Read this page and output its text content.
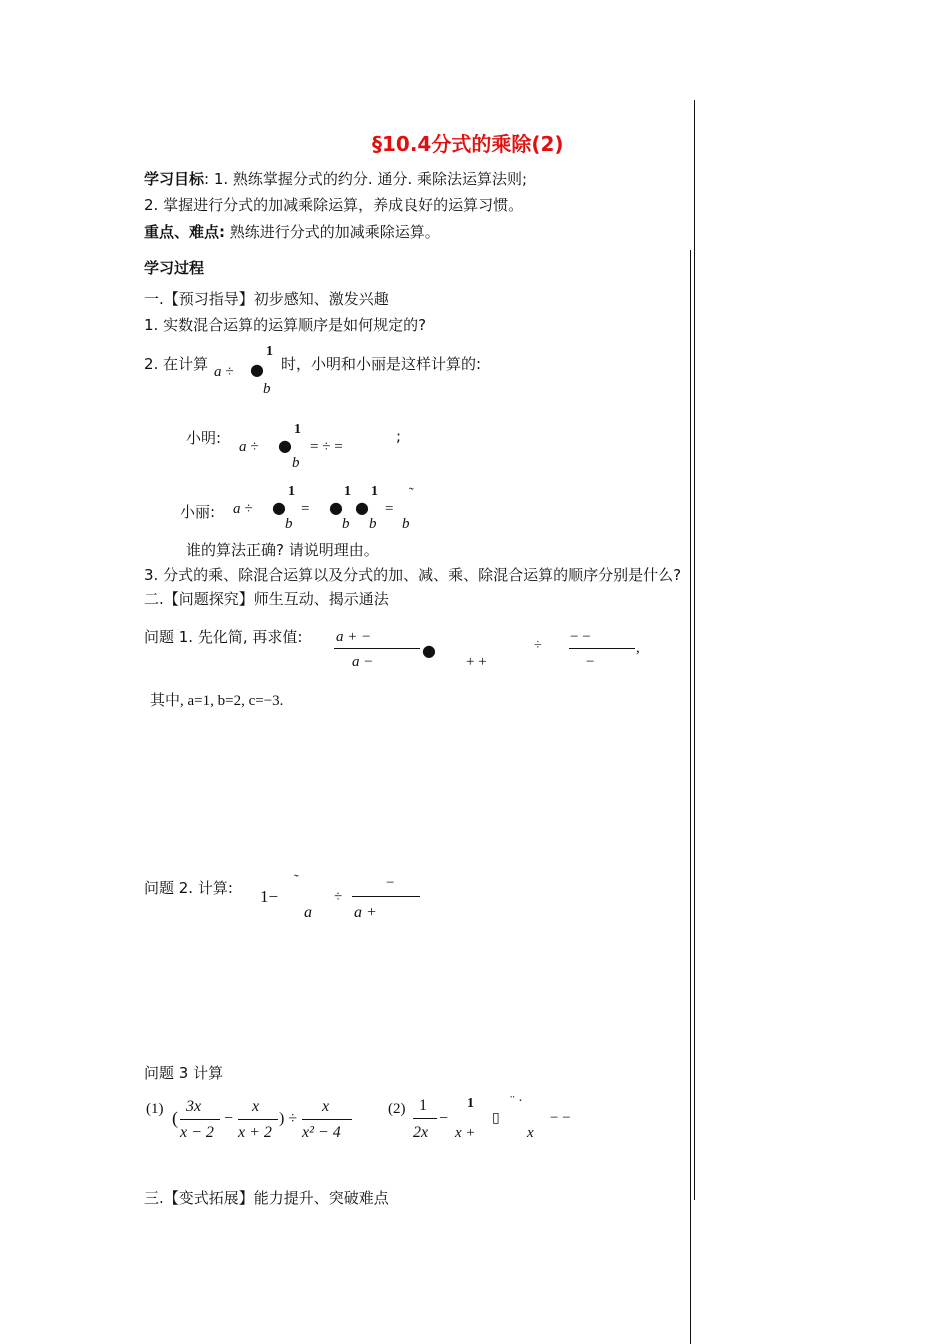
§10.4分式的乘除(2)
学习目标: 1. 熟练掌握分式的约分. 通分. 乘除法运算法则;
2. 掌握进行分式的加减乘除运算，养成良好的运算习惯。
重点、难点: 熟练进行分式的加减乘除运算。
学习过程
一.【预习指导】初步感知、激发兴趣
1. 实数混合运算的运算顺序是如何规定的?
2. 在计算 a ÷ ●
1
b
时，小明和小丽是这样计算的:
小明: a ÷ ●
1
b
= ÷ =
;
小丽: a ÷ ●
1
b
= ●
1
b
●
1
b
=
˜
b
谁的算法正确? 请说明理由。
3. 分式的乘、除混合运算以及分式的加、减、乘、除混合运算的顺序分别是什么?
二.【问题探究】师生互动、揭示通法
问题 1. 先化简, 再求值: a + −
a −
●
+ +
÷
− −
−
,
其中, a=1, b=2, c=−3.
问题 2. 计算: 1−
˜
a
÷
−
a +
问题 3 计算
(1) (
3x
x − 2
−
x
x + 2
) ÷
x
x² − 4
(2) 1
2x
−
1
x +
▯
¨ ·
x
− −
三.【变式拓展】能力提升、突破难点
